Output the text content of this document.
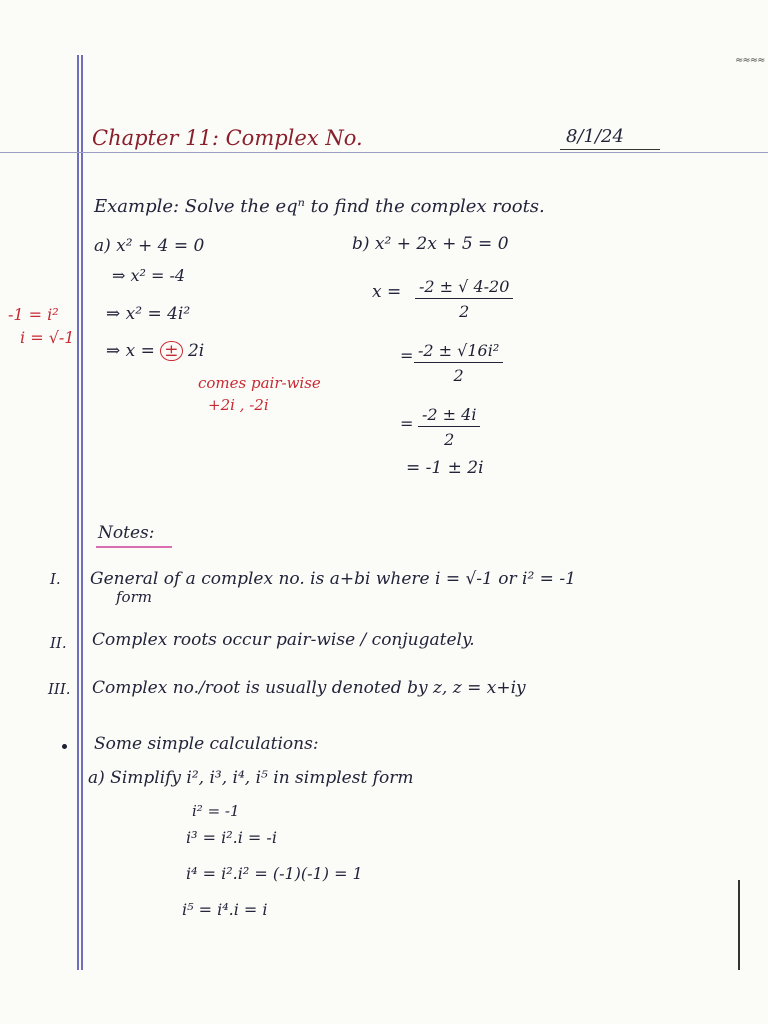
≈≈≈≈
Chapter 11: Complex No.	8/1/24
-1 = i²
i = √-1
Example: Solve the eqⁿ to find the complex roots.
a) x² + 4 = 0
⇒ x² = -4
⇒ x² = 4i²
⇒ x = ± 2i
comes pair-wise
+2i , -2i
b) x² + 2x + 5 = 0
$x = \frac{-2 \pm √ 4-20}{2}$
= $\frac{\text{-2 ± √16i²}}{2}$
= $\frac{-2 \pm 4i}{2}$
= -1 ± 2i
Notes:
I. General of a complex no. is a+bi where i = √-1 or i² = -1
form
II. Complex roots occur pair-wise / conjugately.
III. Complex no./root is usually denoted by z, z = x+iy
Some simple calculations:
a) Simplify i², i³, i⁴, i⁵ in simplest form
i² = -1
i³ = i².i = -i
i⁴ = i².i² = (-1)(-1) = 1
i⁵ = i⁴.i = i
